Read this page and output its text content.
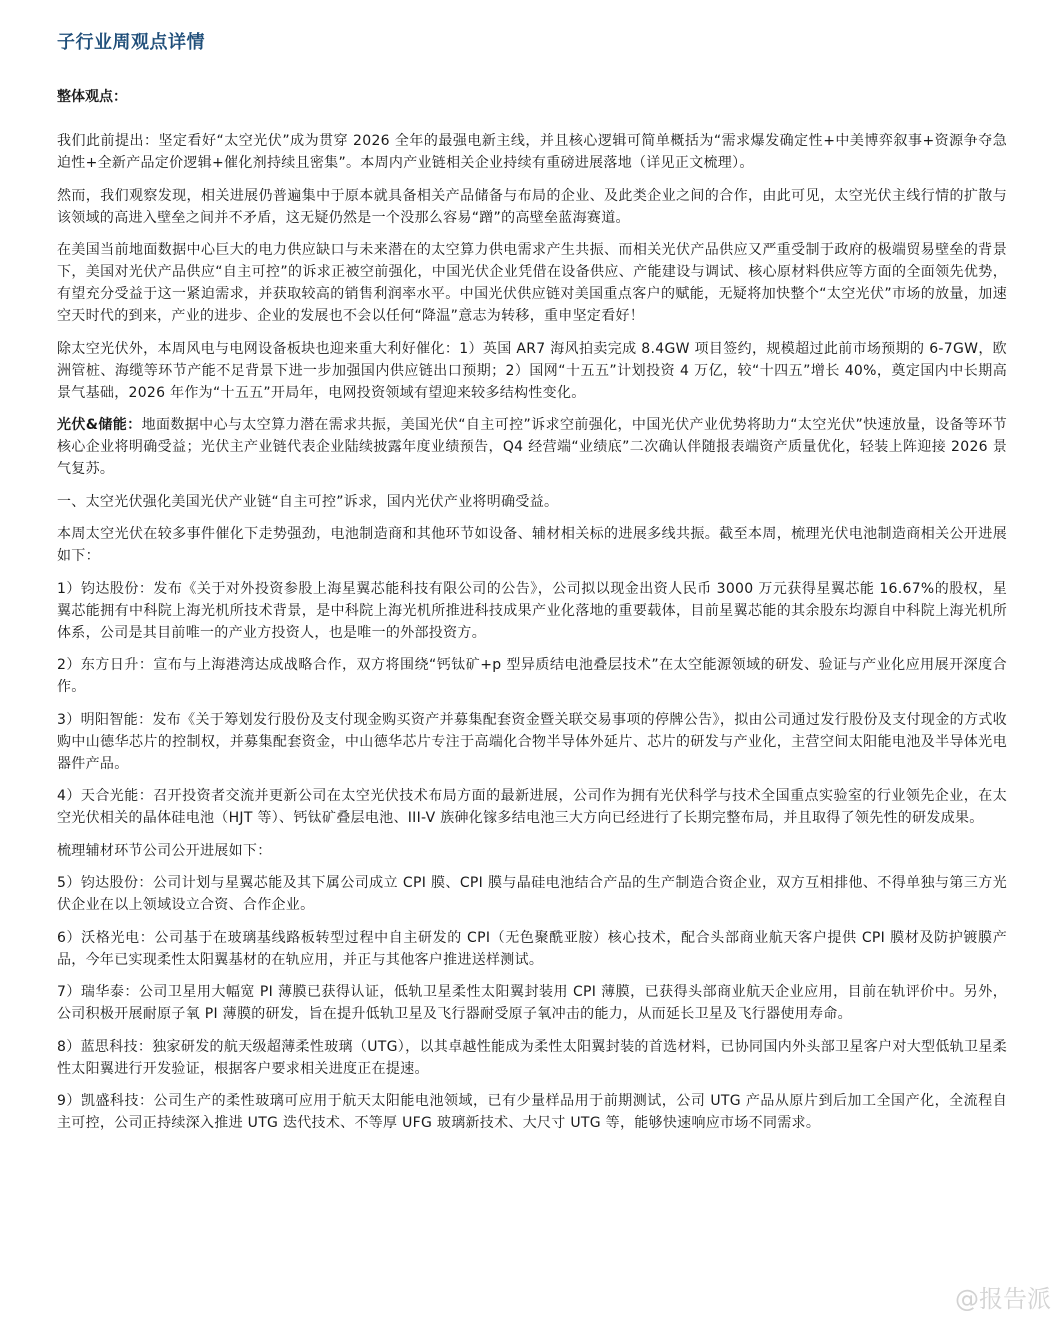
子行业周观点详情
整体观点：

我们此前提出：坚定看好“太空光伏”成为贯穿 2026 全年的最强电新主线，并且核心逻辑可简单概括为“需求爆发确定性+中美博弈叙事+资源争夺急迫性+全新产品定价逻辑+催化剂持续且密集”。本周内产业链相关企业持续有重磅进展落地（详见正文梳理）。

然而，我们观察发现，相关进展仍普遍集中于原本就具备相关产品储备与布局的企业、及此类企业之间的合作，由此可见，太空光伏主线行情的扩散与该领域的高进入壁垒之间并不矛盾，这无疑仍然是一个没那么容易“蹭”的高壁垒蓝海赛道。

在美国当前地面数据中心巨大的电力供应缺口与未来潜在的太空算力供电需求产生共振、而相关光伏产品供应又严重受制于政府的极端贸易壁垒的背景下，美国对光伏产品供应“自主可控”的诉求正被空前强化，中国光伏企业凭借在设备供应、产能建设与调试、核心原材料供应等方面的全面领先优势，有望充分受益于这一紧迫需求，并获取较高的销售利润率水平。中国光伏供应链对美国重点客户的赋能，无疑将加快整个“太空光伏”市场的放量，加速空天时代的到来，产业的进步、企业的发展也不会以任何“降温”意志为转移，重申坚定看好！

除太空光伏外，本周风电与电网设备板块也迎来重大利好催化：1）英国 AR7 海风拍卖完成 8.4GW 项目签约，规模超过此前市场预期的 6-7GW，欧洲管桩、海缆等环节产能不足背景下进一步加强国内供应链出口预期；2）国网“十五五”计划投资 4 万亿，较“十四五”增长 40%，奠定国内中长期高景气基础，2026 年作为“十五五”开局年，电网投资领域有望迎来较多结构性变化。

光伏&储能：地面数据中心与太空算力潜在需求共振，美国光伏“自主可控”诉求空前强化，中国光伏产业优势将助力“太空光伏”快速放量，设备等环节核心企业将明确受益；光伏主产业链代表企业陆续披露年度业绩预告，Q4 经营端“业绩底”二次确认伴随报表端资产质量优化，轻装上阵迎接 2026 景气复苏。

一、太空光伏强化美国光伏产业链“自主可控”诉求，国内光伏产业将明确受益。

本周太空光伏在较多事件催化下走势强劲，电池制造商和其他环节如设备、辅材相关标的进展多线共振。截至本周，梳理光伏电池制造商相关公开进展如下：

1）钧达股份：发布《关于对外投资参股上海星翼芯能科技有限公司的公告》，公司拟以现金出资人民币 3000 万元获得星翼芯能 16.67%的股权，星翼芯能拥有中科院上海光机所技术背景，是中科院上海光机所推进科技成果产业化落地的重要载体，目前星翼芯能的其余股东均源自中科院上海光机所体系，公司是其目前唯一的产业方投资人，也是唯一的外部投资方。

2）东方日升：宣布与上海港湾达成战略合作，双方将围绕“钙钛矿+p 型异质结电池叠层技术”在太空能源领域的研发、验证与产业化应用展开深度合作。

3）明阳智能：发布《关于筹划发行股份及支付现金购买资产并募集配套资金暨关联交易事项的停牌公告》，拟由公司通过发行股份及支付现金的方式收购中山德华芯片的控制权，并募集配套资金，中山德华芯片专注于高端化合物半导体外延片、芯片的研发与产业化，主营空间太阳能电池及半导体光电器件产品。

4）天合光能：召开投资者交流并更新公司在太空光伏技术布局方面的最新进展，公司作为拥有光伏科学与技术全国重点实验室的行业领先企业，在太空光伏相关的晶体硅电池（HJT 等）、钙钛矿叠层电池、III-V 族砷化镓多结电池三大方向已经进行了长期完整布局，并且取得了领先性的研发成果。

梳理辅材环节公司公开进展如下：

5）钧达股份：公司计划与星翼芯能及其下属公司成立 CPI 膜、CPI 膜与晶硅电池结合产品的生产制造合资企业，双方互相排他、不得单独与第三方光伏企业在以上领域设立合资、合作企业。

6）沃格光电：公司基于在玻璃基线路板转型过程中自主研发的 CPI（无色聚酰亚胺）核心技术，配合头部商业航天客户提供 CPI 膜材及防护镀膜产品，今年已实现柔性太阳翼基材的在轨应用，并正与其他客户推进送样测试。

7）瑞华泰：公司卫星用大幅宽 PI 薄膜已获得认证，低轨卫星柔性太阳翼封装用 CPI 薄膜，已获得头部商业航天企业应用，目前在轨评价中。另外，公司积极开展耐原子氧 PI 薄膜的研发，旨在提升低轨卫星及飞行器耐受原子氧冲击的能力，从而延长卫星及飞行器使用寿命。

8）蓝思科技：独家研发的航天级超薄柔性玻璃（UTG），以其卓越性能成为柔性太阳翼封装的首选材料，已协同国内外头部卫星客户对大型低轨卫星柔性太阳翼进行开发验证，根据客户要求相关进度正在提速。

9）凯盛科技：公司生产的柔性玻璃可应用于航天太阳能电池领域，已有少量样品用于前期测试，公司 UTG 产品从原片到后加工全国产化，全流程自主可控，公司正持续深入推进 UTG 迭代技术、不等厚 UFG 玻璃新技术、大尺寸 UTG 等，能够快速响应市场不同需求。

@报告派
